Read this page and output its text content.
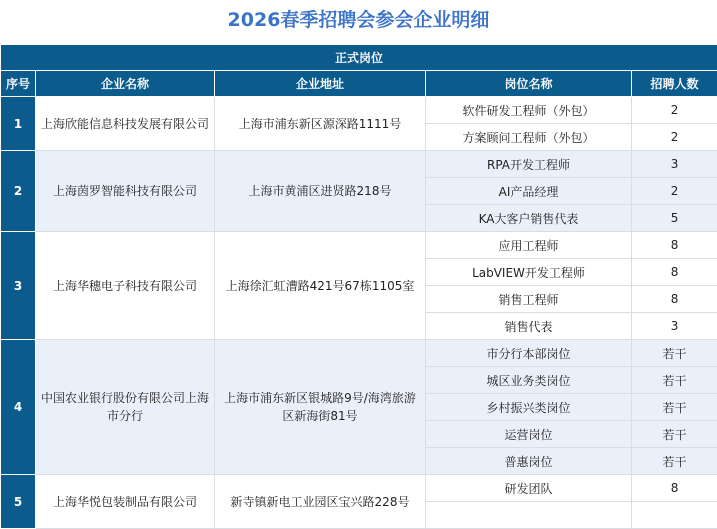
2026春季招聘会参会企业明细
正式岗位				
序号	企业名称	企业地址	岗位名称	招聘人数
1	上海欣能信息科技发展有限公司	上海市浦东新区源深路1111号	软件研发工程师（外包）	2
			方案顾问工程师（外包）	2
2	上海茵罗智能科技有限公司	上海市黄浦区进贤路218号	RPA开发工程师	3
			AI产品经理	2
			KA大客户销售代表	5
3	上海华穗电子科技有限公司	上海徐汇虹漕路421号67栋1105室	应用工程师	8
			LabVIEW开发工程师	8
			销售工程师	8
			销售代表	3
4	中国农业银行股份有限公司上海市分行	上海市浦东新区银城路9号/海湾旅游区新海街81号	市分行本部岗位	若干
			城区业务类岗位	若干
			乡村振兴类岗位	若干
			运营岗位	若干
			普惠岗位	若干
5	上海华悦包装制品有限公司	新寺镇新电工业园区宝兴路228号	研发团队	8
